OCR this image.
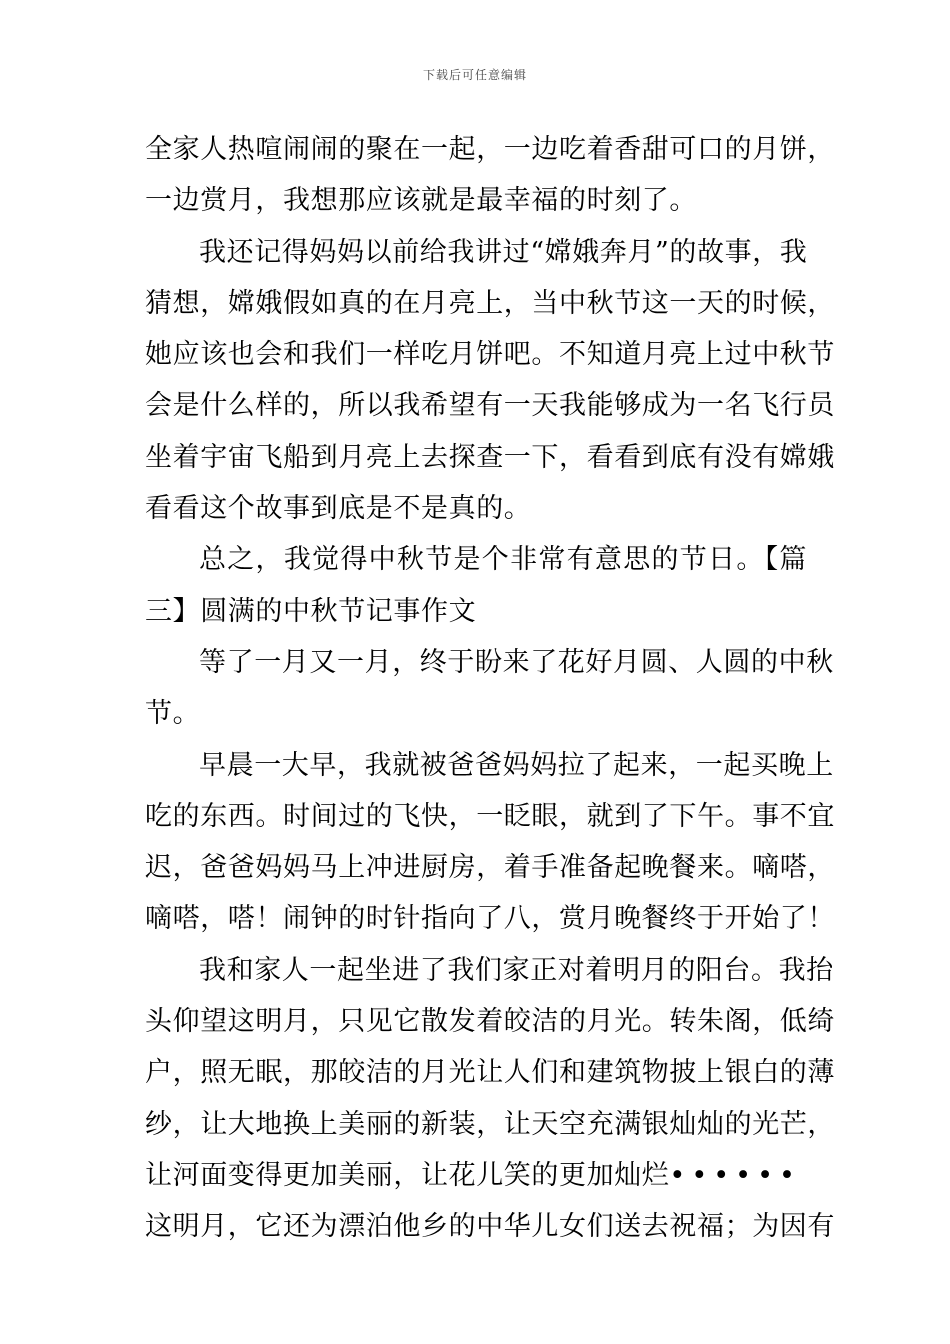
下载后可任意编辑
全家人热喧闹闹的聚在一起，一边吃着香甜可口的月饼，
一边赏月，我想那应该就是最幸福的时刻了。
我还记得妈妈以前给我讲过“嫦娥奔月”的故事，我
猜想，嫦娥假如真的在月亮上，当中秋节这一天的时候，
她应该也会和我们一样吃月饼吧。不知道月亮上过中秋节
会是什么样的，所以我希望有一天我能够成为一名飞行员
坐着宇宙飞船到月亮上去探查一下，看看到底有没有嫦娥
看看这个故事到底是不是真的。
总之，我觉得中秋节是个非常有意思的节日。【篇
三】圆满的中秋节记事作文
等了一月又一月，终于盼来了花好月圆、人圆的中秋
节。
早晨一大早，我就被爸爸妈妈拉了起来，一起买晚上
吃的东西。时间过的飞快，一眨眼，就到了下午。事不宜
迟，爸爸妈妈马上冲进厨房，着手准备起晚餐来。嘀嗒，
嘀嗒，嗒！闹钟的时针指向了八，赏月晚餐终于开始了！
我和家人一起坐进了我们家正对着明月的阳台。我抬
头仰望这明月，只见它散发着皎洁的月光。转朱阁，低绮
户，照无眠，那皎洁的月光让人们和建筑物披上银白的薄
纱，让大地换上美丽的新装，让天空充满银灿灿的光芒，
让河面变得更加美丽，让花儿笑的更加灿烂••••••
这明月，它还为漂泊他乡的中华儿女们送去祝福；为因有
